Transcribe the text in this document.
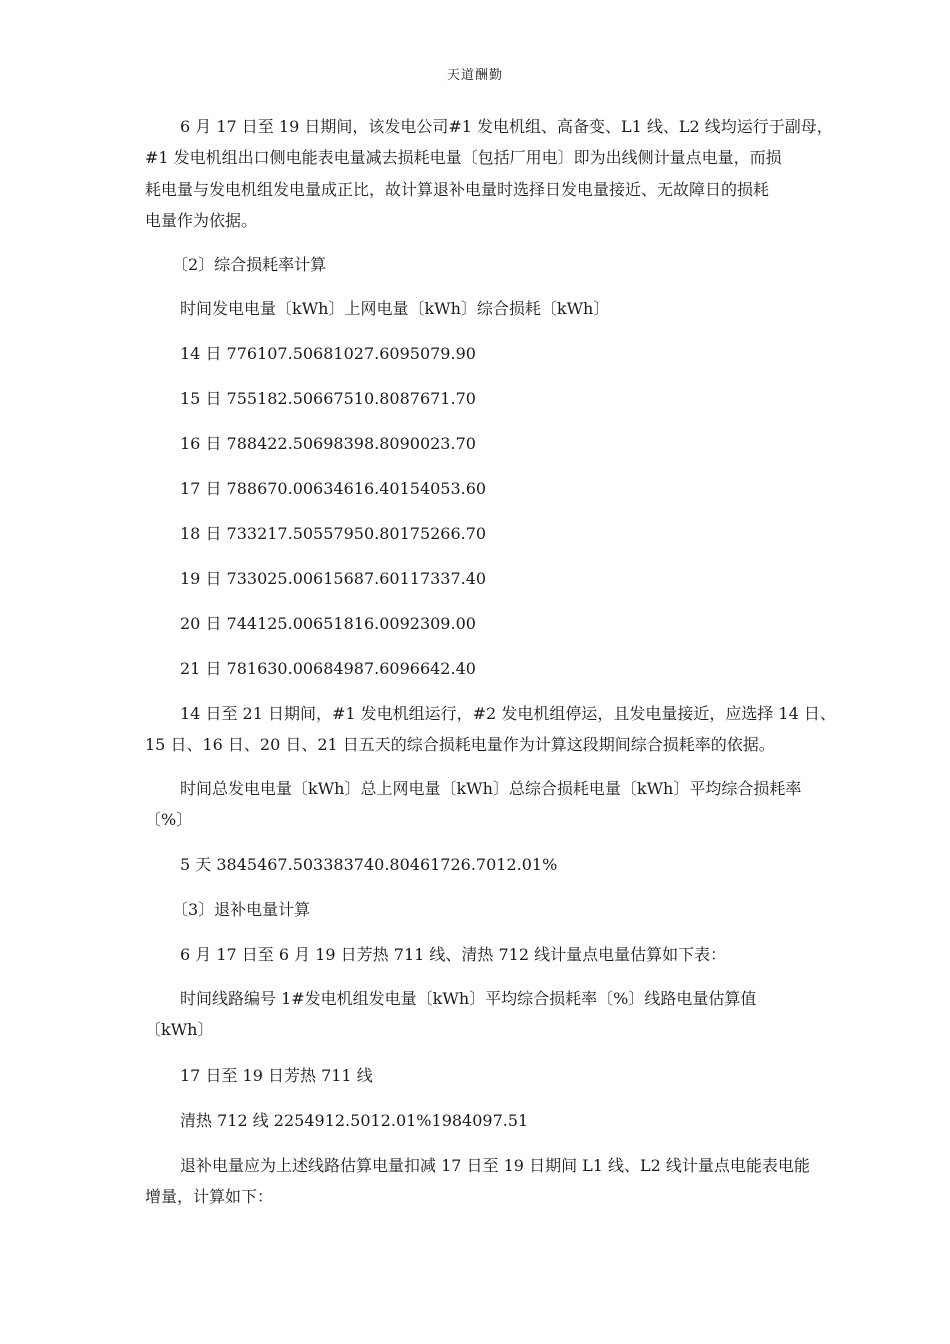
天道酬勤
6 月 17 日至 19 日期间，该发电公司#1 发电机组、高备变、L1 线、L2 线均运行于副母，
#1 发电机组出口侧电能表电量减去损耗电量〔包括厂用电〕即为出线侧计量点电量，而损
耗电量与发电机组发电量成正比，故计算退补电量时选择日发电量接近、无故障日的损耗
电量作为依据。
〔2〕综合损耗率计算
时间发电电量〔kWh〕上网电量〔kWh〕综合损耗〔kWh〕
14 日 776107.50681027.6095079.90
15 日 755182.50667510.8087671.70
16 日 788422.50698398.8090023.70
17 日 788670.00634616.40154053.60
18 日 733217.50557950.80175266.70
19 日 733025.00615687.60117337.40
20 日 744125.00651816.0092309.00
21 日 781630.00684987.6096642.40
14 日至 21 日期间，#1 发电机组运行，#2 发电机组停运，且发电量接近，应选择 14 日、
15 日、16 日、20 日、21 日五天的综合损耗电量作为计算这段期间综合损耗率的依据。
时间总发电电量〔kWh〕总上网电量〔kWh〕总综合损耗电量〔kWh〕平均综合损耗率
〔%〕
5 天 3845467.503383740.80461726.7012.01%
〔3〕退补电量计算
6 月 17 日至 6 月 19 日芳热 711 线、清热 712 线计量点电量估算如下表：
时间线路编号 1#发电机组发电量〔kWh〕平均综合损耗率〔%〕线路电量估算值
〔kWh〕
17 日至 19 日芳热 711 线
清热 712 线 2254912.5012.01%1984097.51
退补电量应为上述线路估算电量扣减 17 日至 19 日期间 L1 线、L2 线计量点电能表电能
增量，计算如下：
